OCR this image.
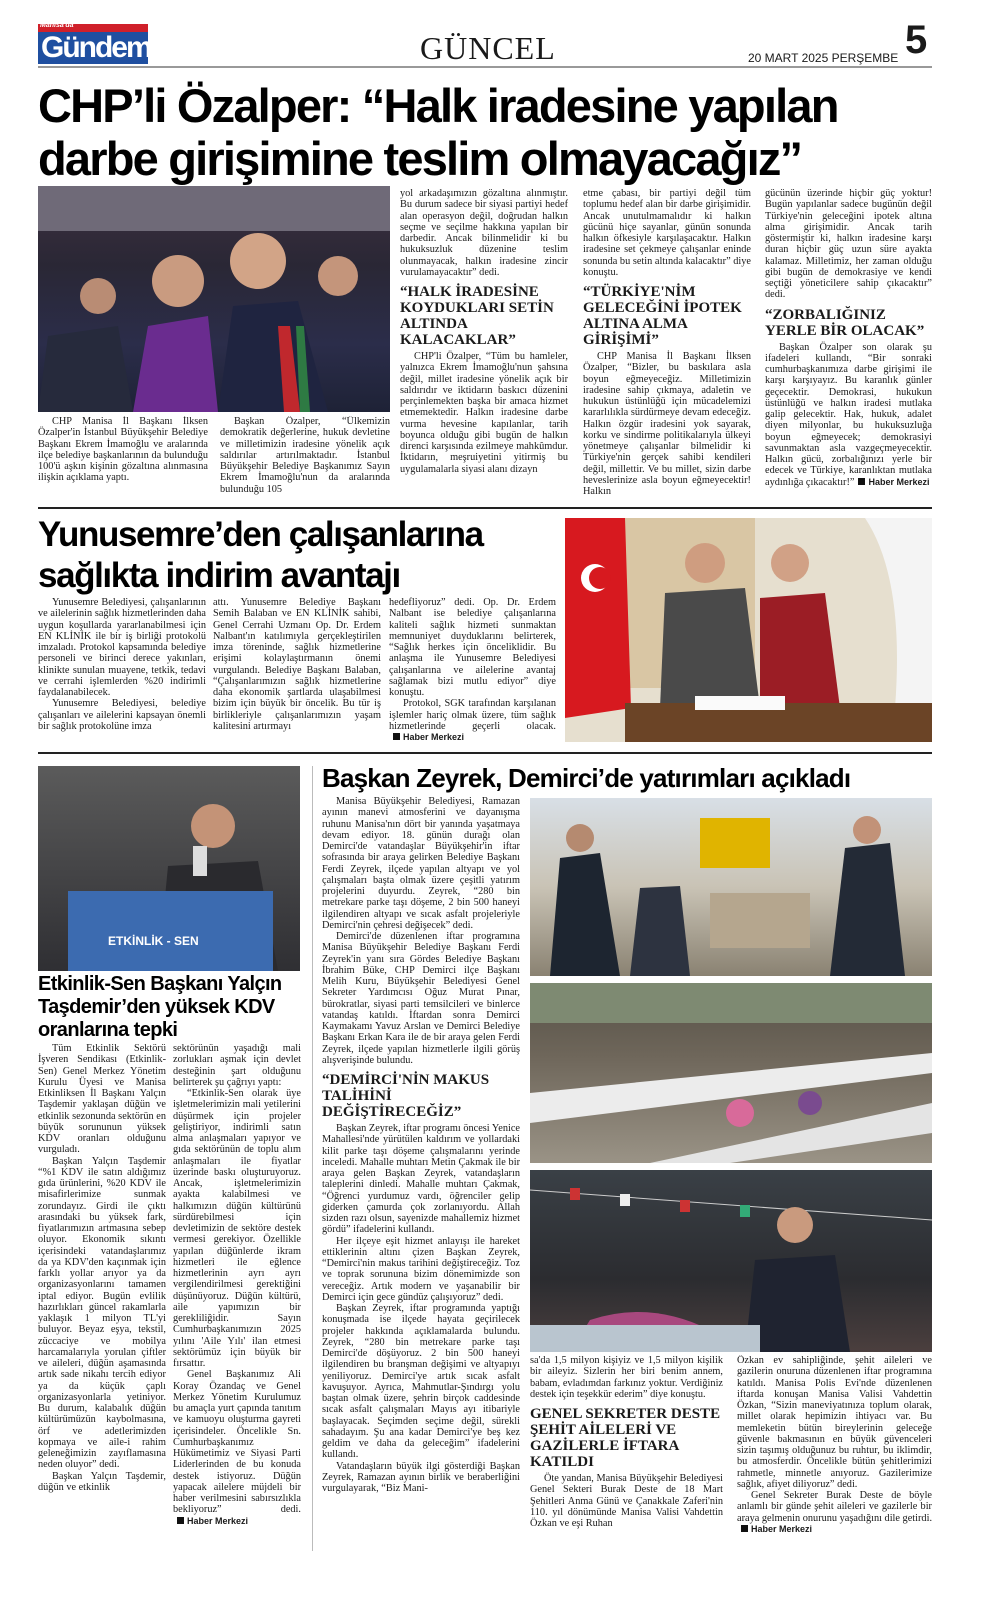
Manisa'da
Gündem	GÜNCEL	20 MART 2025 PERŞEMBE 5
CHP’li Özalper: “Halk iradesine yapılan
darbe girişimine teslim olmayacağız”

CHP Manisa İl Başkanı İlksen Özalper'in İstanbul Büyükşehir Belediye Başkanı Ekrem İmamoğlu ve aralarında ilçe belediye başkanlarının da bulunduğu 100'ü aşkın kişinin gözaltına alınmasına ilişkin açıklama yaptı.

Başkan Özalper, “Ülkemizin demokratik değerlerine, hukuk devletine ve milletimizin iradesine yönelik açık saldırılar artırılmaktadır. İstanbul Büyükşehir Belediye Başkanımız Sayın Ekrem İmamoğlu'nun da aralarında bulunduğu 105

yol arkadaşımızın gözaltına alınmıştır. Bu durum sadece bir siyasi partiyi hedef alan operasyon değil, doğrudan halkın seçme ve seçilme hakkına yapılan bir darbedir. Ancak bilinmelidir ki bu hukuksuzluk düzenine teslim olunmayacak, halkın iradesine zincir vurulamayacaktır” dedi.

“HALK İRADESİNE KOYDUKLARI SETİN ALTINDA KALACAKLAR”

CHP'li Özalper, “Tüm bu hamleler, yalnızca Ekrem İmamoğlu'nun şahsına değil, millet iradesine yönelik açık bir saldırıdır ve iktidarın baskıcı düzenini perçinlemekten başka bir amaca hizmet etmemektedir. Halkın iradesine darbe vurma hevesine kapılanlar, tarih boyunca olduğu gibi bugün de halkın direnci karşısında ezilmeye mahkûmdur. İktidarın, meşruiyetini yitirmiş bu uygulamalarla siyasi alanı dizayn

etme çabası, bir partiyi değil tüm toplumu hedef alan bir darbe girişimidir. Ancak unutulmamalıdır ki halkın gücünü hiçe sayanlar, günün sonunda halkın öfkesiyle karşılaşacaktır. Halkın iradesine set çekmeye çalışanlar eninde sonunda bu setin altında kalacaktır” diye konuştu.

“TÜRKİYE'NİM GELECEĞİNİ İPOTEK ALTINA ALMA GİRİŞİMİ”

CHP Manisa İl Başkanı İlksen Özalper, “Bizler, bu baskılara asla boyun eğmeyeceğiz. Milletimizin iradesine sahip çıkmaya, adaletin ve hukukun üstünlüğü için mücadelemizi kararlılıkla sürdürmeye devam edeceğiz. Halkın özgür iradesini yok sayarak, korku ve sindirme politikalarıyla ülkeyi yönetmeye çalışanlar bilmelidir ki Türkiye'nin gerçek sahibi kendileri değil, millettir. Ve bu millet, sizin darbe heveslerinize asla boyun eğmeyecektir! Halkın

gücünün üzerinde hiçbir güç yoktur! Bugün yapılanlar sadece bugünün değil Türkiye'nin geleceğini ipotek altına alma girişimidir. Ancak tarih göstermiştir ki, halkın iradesine karşı duran hiçbir güç uzun süre ayakta kalamaz. Milletimiz, her zaman olduğu gibi bugün de demokrasiye ve kendi seçtiği yöneticilere sahip çıkacaktır” dedi.

“ZORBALIĞINIZ YERLE BİR OLACAK”

Başkan Özalper son olarak şu ifadeleri kullandı, “Bir sonraki cumhurbaşkanımıza darbe girişimi ile karşı karşıyayız. Bu karanlık günler geçecektir. Demokrasi, hukukun üstünlüğü ve halkın iradesi mutlaka galip gelecektir. Hak, hukuk, adalet diyen milyonlar, bu hukuksuzluğa boyun eğmeyecek; demokrasiyi savunmaktan asla vazgeçmeyecektir. Halkın gücü, zorbalığınızı yerle bir edecek ve Türkiye, karanlıktan mutlaka aydınlığa çıkacaktır!” Haber Merkezi

Yunusemre’den çalışanlarına
sağlıkta indirim avantajı

Yunusemre Belediyesi, çalışanlarının ve ailelerinin sağlık hizmetlerinden daha uygun koşullarda yararlanabilmesi için EN KLİNİK ile bir iş birliği protokolü imzaladı. Protokol kapsamında belediye personeli ve birinci derece yakınları, klinikte sunulan muayene, tetkik, tedavi ve cerrahi işlemlerden %20 indirimli faydalanabilecek.

Yunusemre Belediyesi, belediye çalışanları ve ailelerini kapsayan önemli bir sağlık protokolüne imza

attı. Yunusemre Belediye Başkanı Semih Balaban ve EN KLİNİK sahibi, Genel Cerrahi Uzmanı Op. Dr. Erdem Nalbant'ın katılımıyla gerçekleştirilen imza töreninde, sağlık hizmetlerine erişimi kolaylaştırmanın önemi vurgulandı. Belediye Başkanı Balaban, “Çalışanlarımızın sağlık hizmetlerine daha ekonomik şartlarda ulaşabilmesi bizim için büyük bir öncelik. Bu tür iş birlikleriyle çalışanlarımızın yaşam kalitesini artırmayı

hedefliyoruz” dedi. Op. Dr. Erdem Nalbant ise belediye çalışanlarına kaliteli sağlık hizmeti sunmaktan memnuniyet duyduklarını belirterek, “Sağlık herkes için önceliklidir. Bu anlaşma ile Yunusemre Belediyesi çalışanlarına ve ailelerine avantaj sağlamak bizi mutlu ediyor” diye konuştu.

Protokol, SGK tarafından karşılanan işlemler hariç olmak üzere, tüm sağlık hizmetlerinde geçerli olacak.Haber Merkezi

ETKİNLİK - SEN
Etkinlik-Sen Başkanı Yalçın Taşdemir’den yüksek KDV oranlarına tepki

Tüm Etkinlik Sektörü İşveren Sendikası (Etkinlik-Sen) Genel Merkez Yönetim Kurulu Üyesi ve Manisa Etkinliksen İl Başkanı Yalçın Taşdemir yaklaşan düğün ve etkinlik sezonunda sektörün en büyük sorununun yüksek KDV oranları olduğunu vurguladı.

Başkan Yalçın Taşdemir “%1 KDV ile satın aldığımız gıda ürünlerini, %20 KDV ile misafirlerimize sunmak zorundayız. Girdi ile çıktı arasındaki bu yüksek fark, fiyatlarımızın artmasına sebep oluyor. Ekonomik sıkıntı içerisindeki vatandaşlarımız da ya KDV'den kaçınmak için farklı yollar arıyor ya da organizasyonlarını tamamen iptal ediyor. Bugün evlilik hazırlıkları güncel rakamlarla yaklaşık 1 milyon TL'yi buluyor. Beyaz eşya, tekstil, züccaciye ve mobilya harcamalarıyla yorulan çiftler ve aileleri, düğün aşamasında artık sade nikahı tercih ediyor ya da küçük çaplı organizasyonlarla yetiniyor. Bu durum, kalabalık düğün kültürümüzün kaybolmasına, örf ve adetlerimizden kopmaya ve aile-i rahim geleneğimizin zayıflamasına neden oluyor” dedi.

Başkan Yalçın Taşdemir, düğün ve etkinlik

sektörünün yaşadığı mali zorlukları aşmak için devlet desteğinin şart olduğunu belirterek şu çağrıyı yaptı:

“Etkinlik-Sen olarak üye işletmelerimizin mali yetilerini düşürmek için projeler geliştiriyor, indirimli satın alma anlaşmaları yapıyor ve gıda sektörünün de toplu alım anlaşmaları ile fiyatlar üzerinde baskı oluşturuyoruz. Ancak, işletmelerimizin ayakta kalabilmesi ve halkımızın düğün kültürünü sürdürebilmesi için devletimizin de sektöre destek vermesi gerekiyor. Özellikle yapılan düğünlerde ikram hizmetleri ile eğlence hizmetlerinin ayrı ayrı vergilendirilmesi gerektiğini düşünüyoruz. Düğün kültürü, aile yapımızın bir gerekliliğidir. Sayın Cumhurbaşkanımızın 2025 yılını 'Aile Yılı' ilan etmesi sektörümüz için büyük bir fırsattır.

Genel Başkanımız Ali Koray Özandaç ve Genel Merkez Yönetim Kurulumuz bu amaçla yurt çapında tanıtım ve kamuoyu oluşturma gayreti içerisindeler. Öncelikle Sn. Cumhurbaşkanımız Hükümetimiz ve Siyasi Parti Liderlerinden de bu konuda destek istiyoruz. Düğün yapacak ailelere müjdeli bir haber verilmesini sabırsızlıkla bekliyoruz” dedi.Haber Merkezi

Başkan Zeyrek, Demirci’de yatırımları açıkladı

Manisa Büyükşehir Belediyesi, Ramazan ayının manevi atmosferini ve dayanışma ruhunu Manisa'nın dört bir yanında yaşatmaya devam ediyor. 18. günün durağı olan Demirci'de vatandaşlar Büyükşehir'in iftar sofrasında bir araya gelirken Belediye Başkanı Ferdi Zeyrek, ilçede yapılan altyapı ve yol çalışmaları başta olmak üzere çeşitli yatırım projelerini duyurdu. Zeyrek, “280 bin metrekare parke taşı döşeme, 2 bin 500 haneyi ilgilendiren altyapı ve sıcak asfalt projeleriyle Demirci'nin çehresi değişecek” dedi.

Demirci'de düzenlenen iftar programına Manisa Büyükşehir Belediye Başkanı Ferdi Zeyrek'in yanı sıra Gördes Belediye Başkanı İbrahim Büke, CHP Demirci ilçe Başkanı Melih Kuru, Büyükşehir Belediyesi Genel Sekreter Yardımcısı Oğuz Murat Pınar, bürokratlar, siyasi parti temsilcileri ve binlerce vatandaş katıldı. İftardan sonra Demirci Kaymakamı Yavuz Arslan ve Demirci Belediye Başkanı Erkan Kara ile de bir araya gelen Ferdi Zeyrek, ilçede yapılan hizmetlerle ilgili görüş alışverişinde bulundu.

“DEMİRCİ'NİN MAKUS TALİHİNİ DEĞİŞTİRECEĞİZ”

Başkan Zeyrek, iftar programı öncesi Yenice Mahallesi'nde yürütülen kaldırım ve yollardaki kilit parke taşı döşeme çalışmalarını yerinde inceledi. Mahalle muhtarı Metin Çakmak ile bir araya gelen Başkan Zeyrek, vatandaşların taleplerini dinledi. Mahalle muhtarı Çakmak, “Öğrenci yurdumuz vardı, öğrenciler gelip giderken çamurda çok zorlanıyordu. Allah sizden razı olsun, sayenizde mahallemiz hizmet gördü” ifadelerini kullandı.

Her ilçeye eşit hizmet anlayışı ile hareket ettiklerinin altını çizen Başkan Zeyrek, “Demirci'nin makus tarihini değiştireceğiz. Toz ve toprak sorununa bizim dönemimizde son vereceğiz. Artık modern ve yaşanabilir bir Demirci için gece gündüz çalışıyoruz” dedi.

Başkan Zeyrek, iftar programında yaptığı konuşmada ise ilçede hayata geçirilecek projeler hakkında açıklamalarda bulundu. Zeyrek, “280 bin metrekare parke taşı Demirci'de döşüyoruz. 2 bin 500 haneyi ilgilendiren bu branşman değişimi ve altyapıyı yeniliyoruz. Demirci'ye artık sıcak asfalt kavuşuyor. Ayrıca, Mahmutlar-Şındırgı yolu baştan olmak üzere, şehrin birçok caddesinde sıcak asfalt çalışmaları Mayıs ayı itibariyle başlayacak. Seçimden seçime değil, sürekli sahadayım. Şu ana kadar Demirci'ye beş kez geldim ve daha da geleceğim” ifadelerini kullandı.

Vatandaşların büyük ilgi gösterdiği Başkan Zeyrek, Ramazan ayının birlik ve beraberliğini vurgulayarak, “Biz Mani-

sa'da 1,5 milyon kişiyiz ve 1,5 milyon kişilik bir aileyiz. Sizlerin her biri benim annem, babam, evladımdan farkınız yoktur. Verdiğiniz destek için teşekkür ederim” diye konuştu.

GENEL SEKRETER DESTE ŞEHİT AİLELERİ VE GAZİLERLE İFTARA KATILDI

Öte yandan, Manisa Büyükşehir Belediyesi Genel Sekteri Burak Deste de 18 Mart Şehitleri Anma Günü ve Çanakkale Zaferi'nin 110. yıl dönümünde Manisa Valisi Vahdettin Özkan ve eşi Ruhan

Özkan ev sahipliğinde, şehit aileleri ve gazilerin onuruna düzenlenen iftar programına katıldı. Manisa Polis Evi'nde düzenlenen iftarda konuşan Manisa Valisi Vahdettin Özkan, “Sizin maneviyatınıza toplum olarak, millet olarak hepimizin ihtiyacı var. Bu memleketin bütün bireylerinin geleceğe güvenle bakmasının en büyük güvenceleri sizin taşımış olduğunuz bu ruhtur, bu iklimdir, bu atmosferdir. Öncelikle bütün şehitlerimizi rahmetle, minnetle anıyoruz. Gazilerimize sağlık, afiyet diliyoruz” dedi.

Genel Sekreter Burak Deste de böyle anlamlı bir günde şehit aileleri ve gazilerle bir araya gelmenin onurunu yaşadığını dile getirdi.Haber Merkezi
